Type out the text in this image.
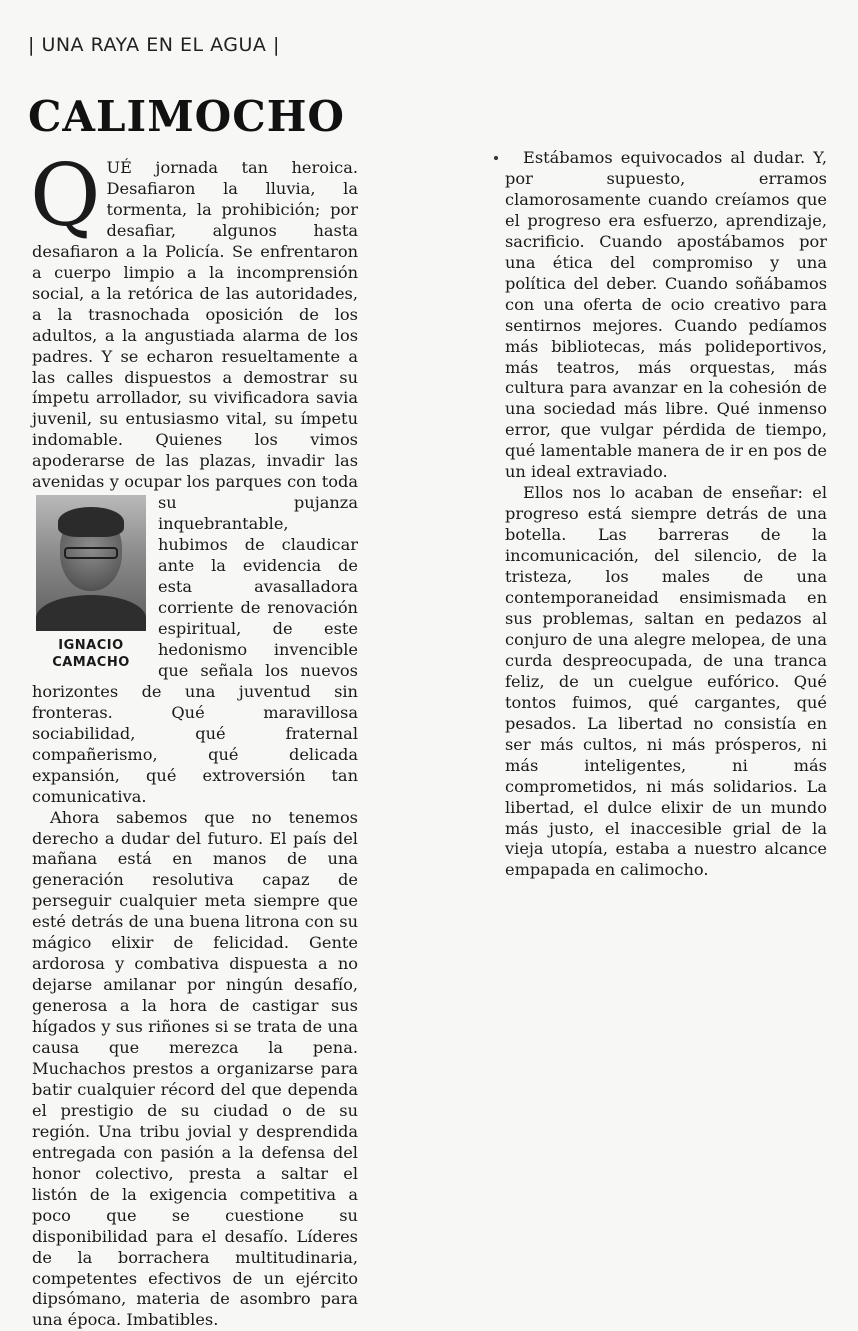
| UNA RAYA EN EL AGUA |
CALIMOCHO

Q UÉ jornada tan heroica. Desafiaron la lluvia, la tormenta, la prohibición; por desafiar, algunos hasta desafiaron a la Policía. Se enfrentaron a cuerpo limpio a la incomprensión social, a la retórica de las autoridades, a la trasnochada oposición de los adultos, a la angustiada alarma de los padres. Y se echaron resueltamente a las calles dispuestos a demostrar su ímpetu arrollador, su vivificadora savia juvenil, su entusiasmo vital, su ímpetu indomable. Quienes los vimos apoderarse de las plazas, invadir las avenidas y ocupar los parques con toda su pujanza
IGNACIO
CAMACHO
inquebrantable, hubimos de claudicar ante la evidencia de esta avasalladora corriente de renovación espiritual, de este hedonismo invencible que señala los nuevos horizontes de una juventud sin fronteras. Qué maravillosa sociabilidad, qué fraternal compañerismo, qué delicada expansión, qué extroversión tan comunicativa.

Ahora sabemos que no tenemos derecho a dudar del futuro. El país del mañana está en manos de una generación resolutiva capaz de perseguir cualquier meta siempre que esté detrás de una buena litrona con su mágico elixir de felicidad. Gente ardorosa y combativa dispuesta a no dejarse amilanar por ningún desafío, generosa a la hora de castigar sus hígados y sus riñones si se trata de una causa que merezca la pena. Muchachos prestos a organizarse para batir cualquier récord del que dependa el prestigio de su ciudad o de su región. Una tribu jovial y desprendida entregada con pasión a la defensa del honor colectivo, presta a saltar el listón de la exigencia competitiva a poco que se cuestione su disponibilidad para el desafío. Líderes de la borrachera multitudinaria, competentes efectivos de un ejército dipsómano, materia de asombro para una época. Imbatibles.

Estábamos equivocados al dudar. Y, por supuesto, erramos clamorosamente cuando creíamos que el progreso era esfuerzo, aprendizaje, sacrificio. Cuando apostábamos por una ética del compromiso y una política del deber. Cuando soñábamos con una oferta de ocio creativo para sentirnos mejores. Cuando pedíamos más bibliotecas, más polideportivos, más teatros, más orquestas, más cultura para avanzar en la cohesión de una sociedad más libre. Qué inmenso error, que vulgar pérdida de tiempo, qué lamentable manera de ir en pos de un ideal extraviado.

Ellos nos lo acaban de enseñar: el progreso está siempre detrás de una botella. Las barreras de la incomunicación, del silencio, de la tristeza, los males de una contemporaneidad ensimismada en sus problemas, saltan en pedazos al conjuro de una alegre melopea, de una curda despreocupada, de una tranca feliz, de un cuelgue eufórico. Qué tontos fuimos, qué cargantes, qué pesados. La libertad no consistía en ser más cultos, ni más prósperos, ni más inteligentes, ni más comprometidos, ni más solidarios. La libertad, el dulce elixir de un mundo más justo, el inaccesible grial de la vieja utopía, estaba a nuestro alcance empapada en calimocho.
